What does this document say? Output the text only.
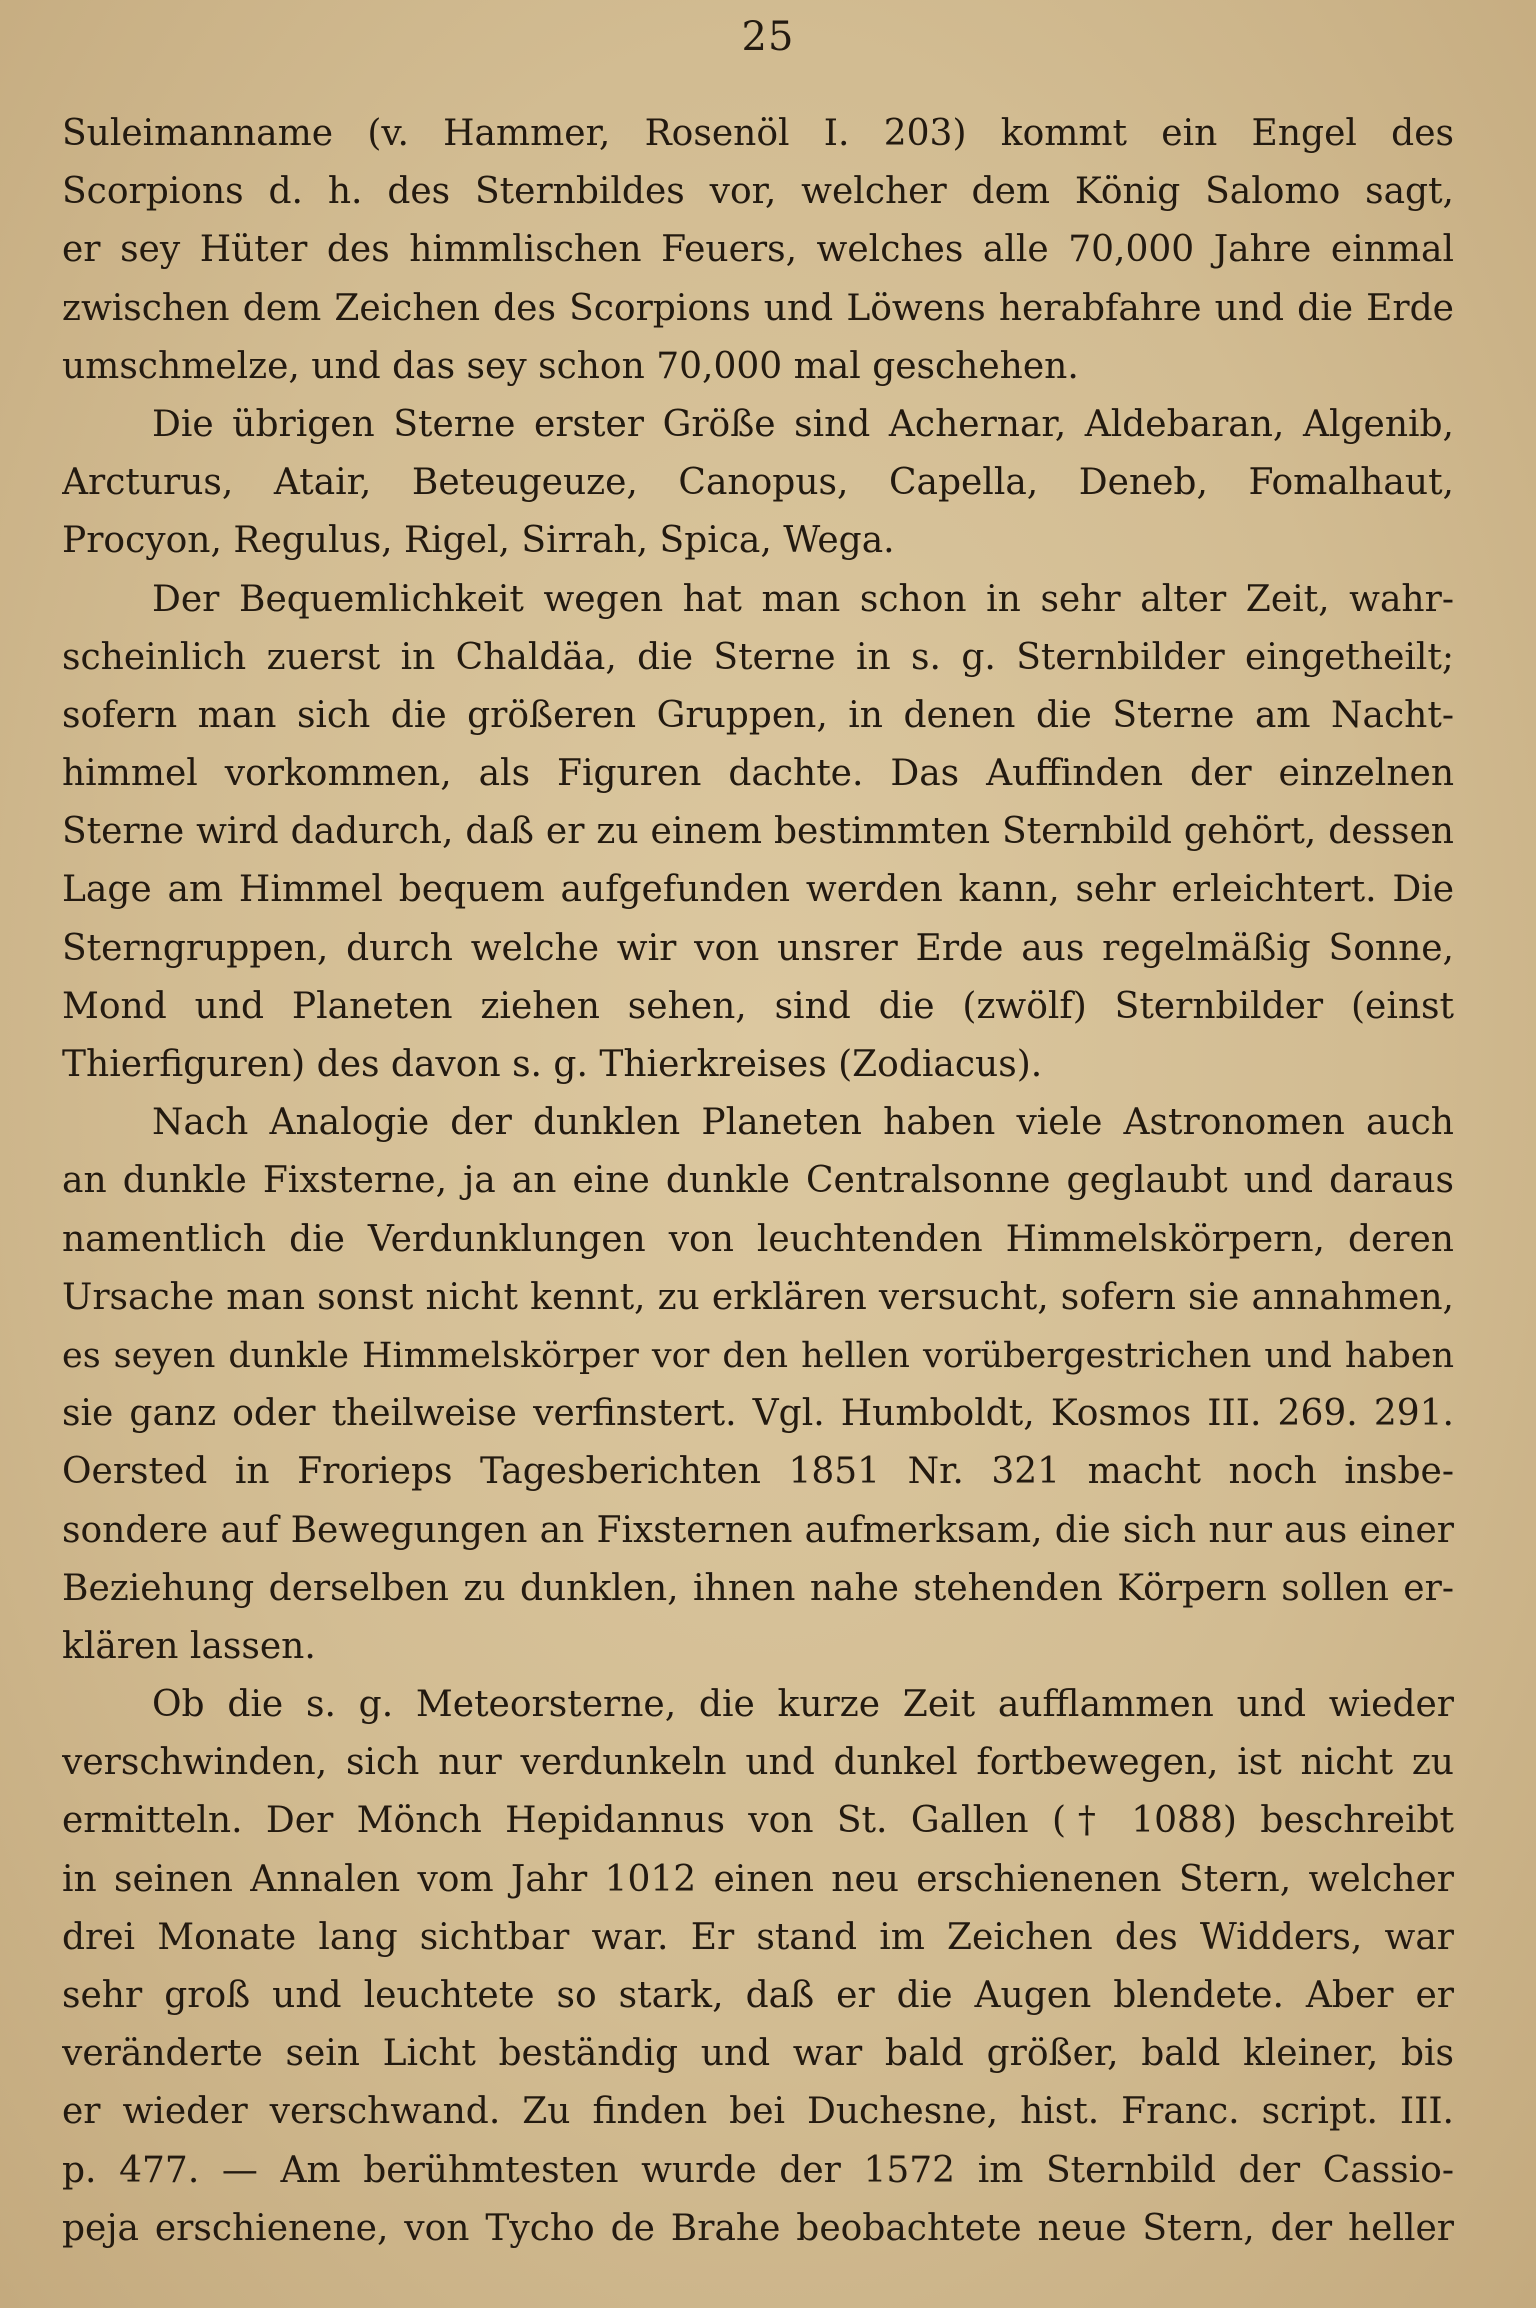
25
Suleimanname (v. Hammer, Rosenöl I. 203) kommt ein Engel des
Scorpions d. h. des Sternbildes vor, welcher dem König Salomo sagt,
er sey Hüter des himmlischen Feuers, welches alle 70,000 Jahre einmal
zwischen dem Zeichen des Scorpions und Löwens herabfahre und die Erde
umschmelze, und das sey schon 70,000 mal geschehen.
Die übrigen Sterne erster Größe sind Achernar, Aldebaran, Algenib,
Arcturus, Atair, Beteugeuze, Canopus, Capella, Deneb, Fomalhaut,
Procyon, Regulus, Rigel, Sirrah, Spica, Wega.
Der Bequemlichkeit wegen hat man schon in sehr alter Zeit, wahr-
scheinlich zuerst in Chaldäa, die Sterne in s. g. Sternbilder eingetheilt;
sofern man sich die größeren Gruppen, in denen die Sterne am Nacht-
himmel vorkommen, als Figuren dachte. Das Auffinden der einzelnen
Sterne wird dadurch, daß er zu einem bestimmten Sternbild gehört, dessen
Lage am Himmel bequem aufgefunden werden kann, sehr erleichtert. Die
Sterngruppen, durch welche wir von unsrer Erde aus regelmäßig Sonne,
Mond und Planeten ziehen sehen, sind die (zwölf) Sternbilder (einst
Thierfiguren) des davon s. g. Thierkreises (Zodiacus).
Nach Analogie der dunklen Planeten haben viele Astronomen auch
an dunkle Fixsterne, ja an eine dunkle Centralsonne geglaubt und daraus
namentlich die Verdunklungen von leuchtenden Himmelskörpern, deren
Ursache man sonst nicht kennt, zu erklären versucht, sofern sie annahmen,
es seyen dunkle Himmelskörper vor den hellen vorübergestrichen und haben
sie ganz oder theilweise verfinstert. Vgl. Humboldt, Kosmos III. 269. 291.
Oersted in Frorieps Tagesberichten 1851 Nr. 321 macht noch insbe-
sondere auf Bewegungen an Fixsternen aufmerksam, die sich nur aus einer
Beziehung derselben zu dunklen, ihnen nahe stehenden Körpern sollen er-
klären lassen.
Ob die s. g. Meteorsterne, die kurze Zeit aufflammen und wieder
verschwinden, sich nur verdunkeln und dunkel fortbewegen, ist nicht zu
ermitteln. Der Mönch Hepidannus von St. Gallen († 1088) beschreibt
in seinen Annalen vom Jahr 1012 einen neu erschienenen Stern, welcher
drei Monate lang sichtbar war. Er stand im Zeichen des Widders, war
sehr groß und leuchtete so stark, daß er die Augen blendete. Aber er
veränderte sein Licht beständig und war bald größer, bald kleiner, bis
er wieder verschwand. Zu finden bei Duchesne, hist. Franc. script. III.
p. 477. — Am berühmtesten wurde der 1572 im Sternbild der Cassio-
peja erschienene, von Tycho de Brahe beobachtete neue Stern, der heller
